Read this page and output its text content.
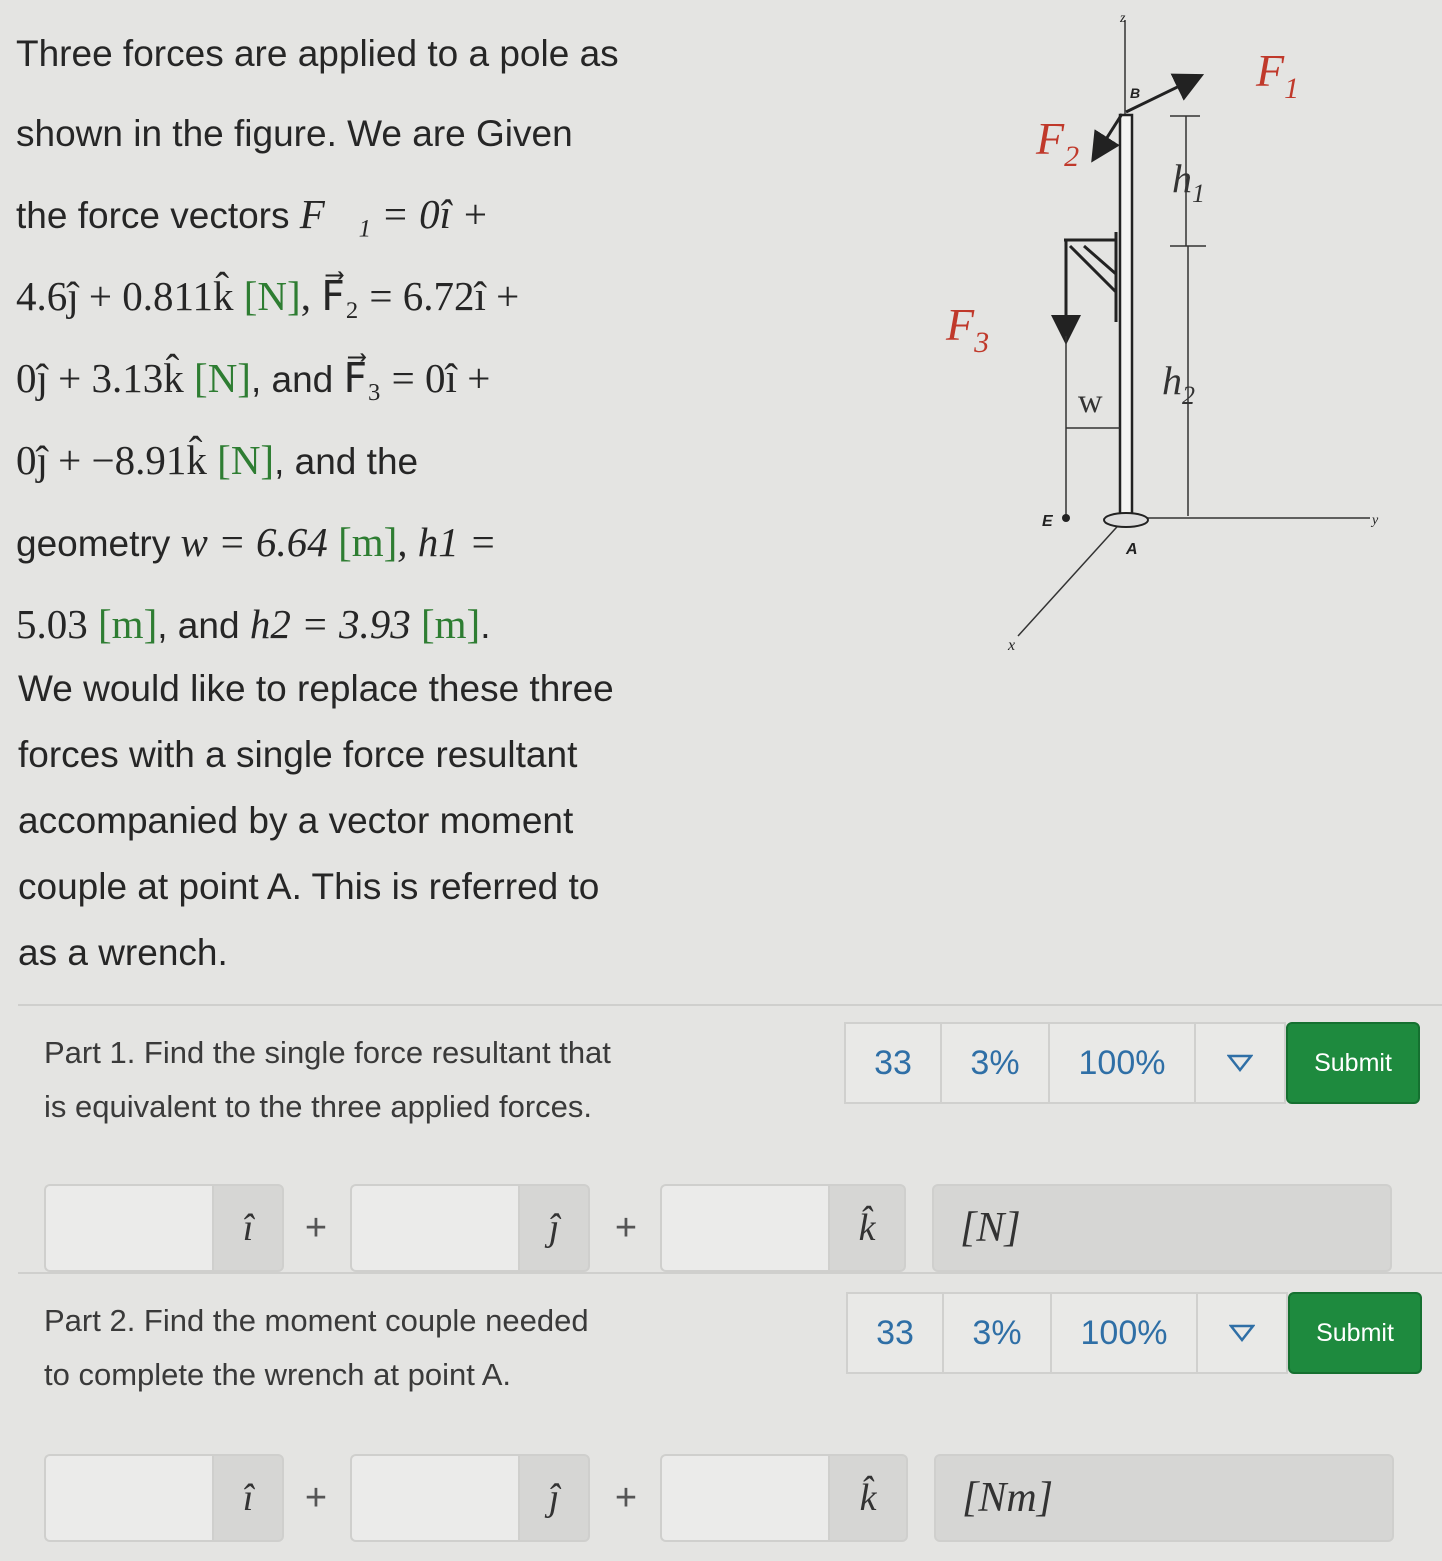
Three forces are applied to a pole as
shown in the figure. We are Given
the force vectors F⃗₁ = 0î +
4.6ĵ + 0.811k̂ [N], F⃗₂ = 6.72î +
0ĵ + 3.13k̂ [N], and F⃗₃ = 0î +
0ĵ + −8.91k̂ [N], and the
geometry w = 6.64 [m], h1 =
5.03 [m], and h2 = 3.93 [m].
We would like to replace these three
forces with a single force resultant
accompanied by a vector moment
couple at point A. This is referred to
as a wrench.
$F_1$
$F_2$
$F_3$
$h_1$
$h_2$
w
B
A
E
z
y
x
Part 1. Find the single force resultant that
is equivalent to the three applied forces.
33	3%	100%	Submit
î	+	ĵ	+	k̂	[N]
Part 2. Find the moment couple needed
to complete the wrench at point A.
33	3%	100%	Submit
î	+	ĵ	+	k̂	[Nm]
